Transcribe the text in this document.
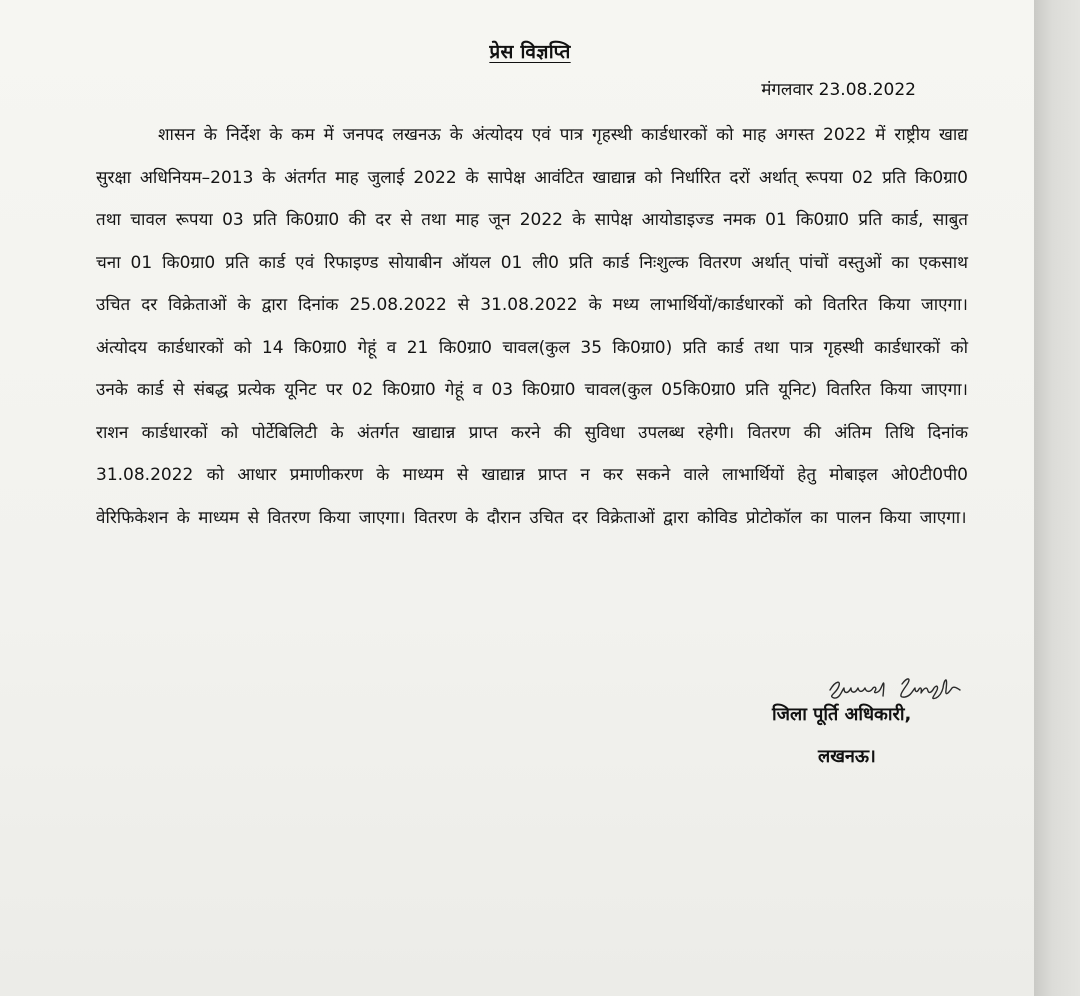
प्रेस विज्ञप्ति
मंगलवार 23.08.2022

शासन के निर्देश के कम में जनपद लखनऊ के अंत्योदय एवं पात्र गृहस्थी कार्डधारकों को माह अगस्त 2022 में राष्ट्रीय खाद्य सुरक्षा अधिनियम–2013 के अंतर्गत माह जुलाई 2022 के सापेक्ष आवंटित खाद्यान्न को निर्धारित दरों अर्थात् रूपया 02 प्रति कि0ग्रा0 तथा चावल रूपया 03 प्रति कि0ग्रा0 की दर से तथा माह जून 2022 के सापेक्ष आयोडाइज्ड नमक 01 कि0ग्रा0 प्रति कार्ड, साबुत चना 01 कि0ग्रा0 प्रति कार्ड एवं रिफाइण्ड सोयाबीन ऑयल 01 ली0 प्रति कार्ड निःशुल्क वितरण अर्थात् पांचों वस्तुओं का एकसाथ उचित दर विक्रेताओं के द्वारा दिनांक 25.08.2022 से 31.08.2022 के मध्य लाभार्थियों/कार्डधारकों को वितरित किया जाएगा। अंत्योदय कार्डधारकों को 14 कि0ग्रा0 गेहूं व 21 कि0ग्रा0 चावल(कुल 35 कि0ग्रा0) प्रति कार्ड तथा पात्र गृहस्थी कार्डधारकों को उनके कार्ड से संबद्ध प्रत्येक यूनिट पर 02 कि0ग्रा0 गेहूं व 03 कि0ग्रा0 चावल(कुल 05कि0ग्रा0 प्रति यूनिट) वितरित किया जाएगा। राशन कार्डधारकों को पोर्टेबिलिटी के अंतर्गत खाद्यान्न प्राप्त करने की सुविधा उपलब्ध रहेगी। वितरण की अंतिम तिथि दिनांक 31.08.2022 को आधार प्रमाणीकरण के माध्यम से खाद्यान्न प्राप्त न कर सकने वाले लाभार्थियों हेतु मोबाइल ओ0टी0पी0 वेरिफिकेशन के माध्यम से वितरण किया जाएगा। वितरण के दौरान उचित दर विक्रेताओं द्वारा कोविड प्रोटोकॉल का पालन किया जाएगा।

जिला पूर्ति अधिकारी,
लखनऊ।
